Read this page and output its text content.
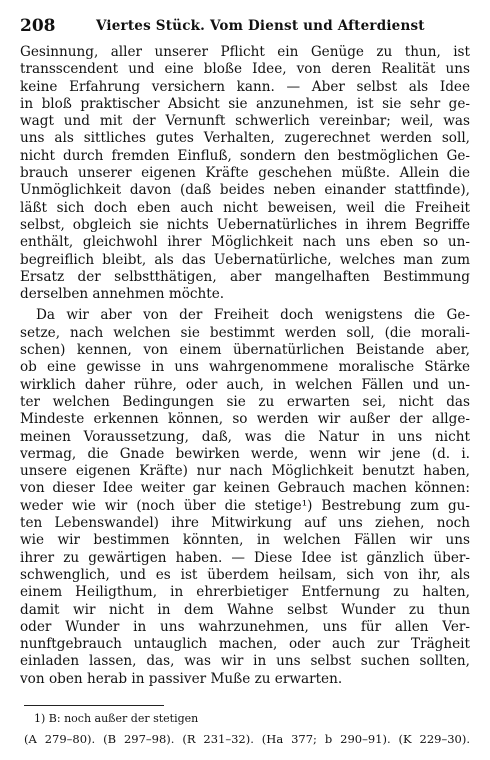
208	Viertes Stück. Vom Dienst und Afterdienst
Gesinnung, aller unserer Pflicht ein Genüge zu thun, ist
transscendent und eine bloße Idee, von deren Realität uns
keine Erfahrung versichern kann. — Aber selbst als Idee
in bloß praktischer Absicht sie anzunehmen, ist sie sehr ge-
wagt und mit der Vernunft schwerlich vereinbar; weil, was
uns als sittliches gutes Verhalten, zugerechnet werden soll,
nicht durch fremden Einfluß, sondern den bestmöglichen Ge-
brauch unserer eigenen Kräfte geschehen müßte. Allein die
Unmöglichkeit davon (daß beides neben einander stattfinde),
läßt sich doch eben auch nicht beweisen, weil die Freiheit
selbst, obgleich sie nichts Uebernatürliches in ihrem Begriffe
enthält, gleichwohl ihrer Möglichkeit nach uns eben so un-
begreiflich bleibt, als das Uebernatürliche, welches man zum
Ersatz der selbstthätigen, aber mangelhaften Bestimmung
derselben annehmen möchte.
Da wir aber von der Freiheit doch wenigstens die Ge-
setze, nach welchen sie bestimmt werden soll, (die morali-
schen) kennen, von einem übernatürlichen Beistande aber,
ob eine gewisse in uns wahrgenommene moralische Stärke
wirklich daher rühre, oder auch, in welchen Fällen und un-
ter welchen Bedingungen sie zu erwarten sei, nicht das
Mindeste erkennen können, so werden wir außer der allge-
meinen Voraussetzung, daß, was die Natur in uns nicht
vermag, die Gnade bewirken werde, wenn wir jene (d. i.
unsere eigenen Kräfte) nur nach Möglichkeit benutzt haben,
von dieser Idee weiter gar keinen Gebrauch machen können:
weder wie wir (noch über die stetige¹) Bestrebung zum gu-
ten Lebenswandel) ihre Mitwirkung auf uns ziehen, noch
wie wir bestimmen könnten, in welchen Fällen wir uns
ihrer zu gewärtigen haben. — Diese Idee ist gänzlich über-
schwenglich, und es ist überdem heilsam, sich von ihr, als
einem Heiligthum, in ehrerbietiger Entfernung zu halten,
damit wir nicht in dem Wahne selbst Wunder zu thun
oder Wunder in uns wahrzunehmen, uns für allen Ver-
nunftgebrauch untauglich machen, oder auch zur Trägheit
einladen lassen, das, was wir in uns selbst suchen sollten,
von oben herab in passiver Muße zu erwarten.
1) B: noch außer der stetigen
(A 279–80). (B 297–98). (R 231–32). (Ha 377; b 290–91). (K 229–30).
